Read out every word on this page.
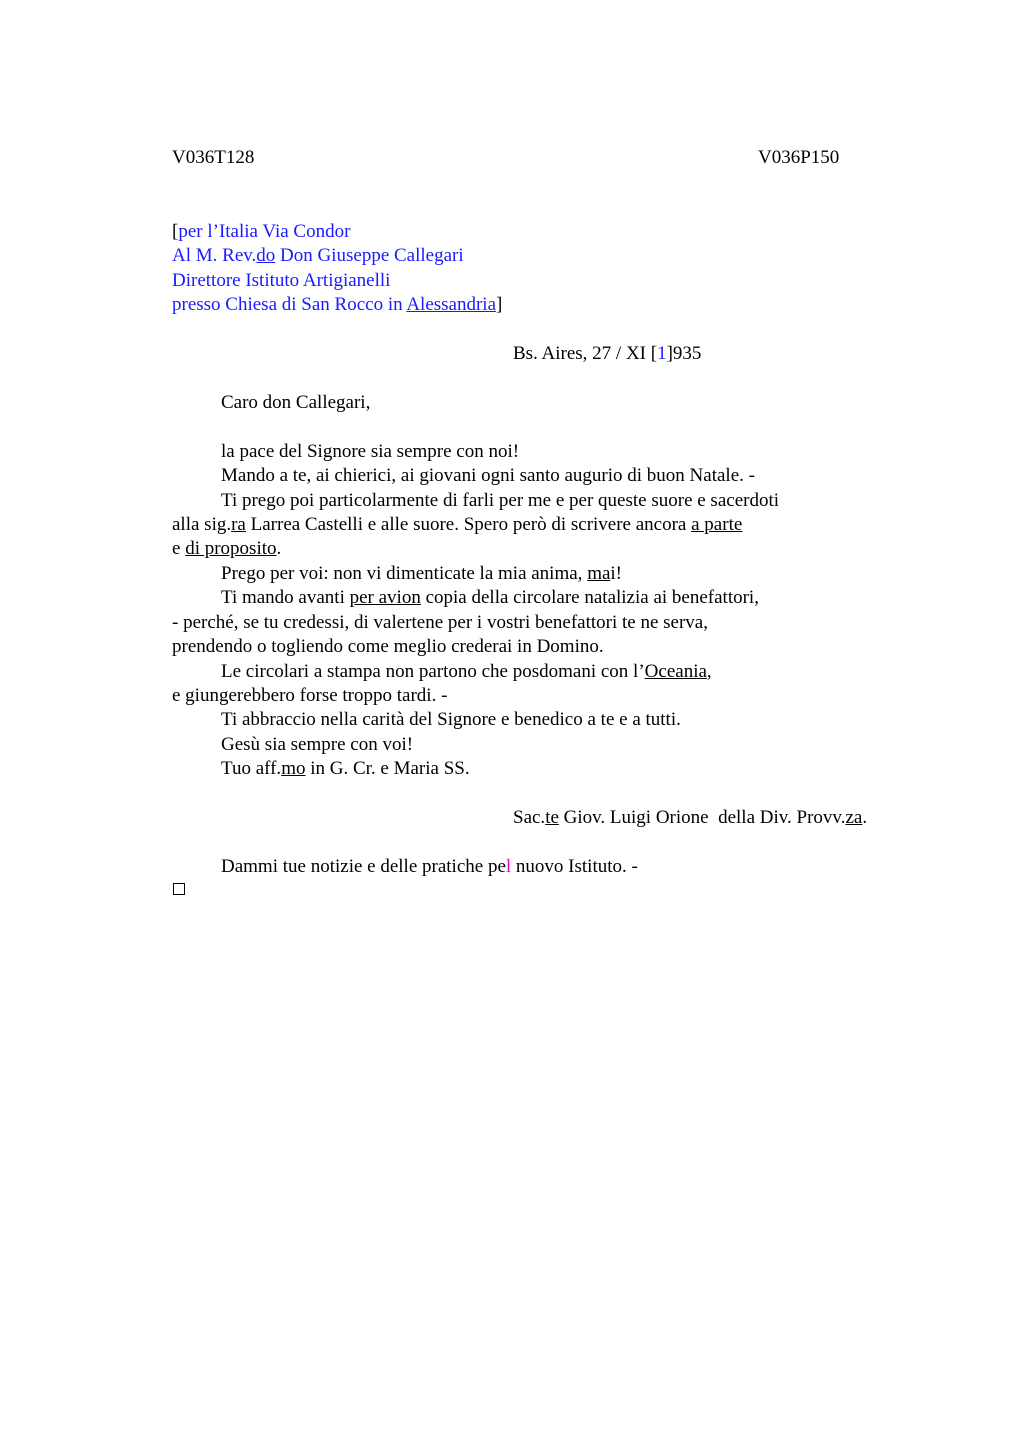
V036T128	V036P150
[per l’Italia Via Condor
Al M. Rev.do Don Giuseppe Callegari
Direttore Istituto Artigianelli
presso Chiesa di San Rocco in Alessandria]
Bs. Aires, 27 / XI [1]935
Caro don Callegari,
la pace del Signore sia sempre con noi!
Mando a te, ai chierici, ai giovani ogni santo augurio di buon Natale. -
Ti prego poi particolarmente di farli per me e per queste suore e sacerdoti
alla sig.ra Larrea Castelli e alle suore. Spero però di scrivere ancora a parte
e di proposito.
Prego per voi: non vi dimenticate la mia anima, mai!
Ti mando avanti per avion copia della circolare natalizia ai benefattori,
- perché, se tu credessi, di valertene per i vostri benefattori te ne serva,
prendendo o togliendo come meglio crederai in Domino.
Le circolari a stampa non partono che posdomani con l’Oceania,
e giungerebbero forse troppo tardi. -
Ti abbraccio nella carità del Signore e benedico a te e a tutti.
Gesù sia sempre con voi!
Tuo aff.mo in G. Cr. e Maria SS.
Sac.te Giov. Luigi Orione  della Div. Provv.za.
Dammi tue notizie e delle pratiche pel nuovo Istituto. -
